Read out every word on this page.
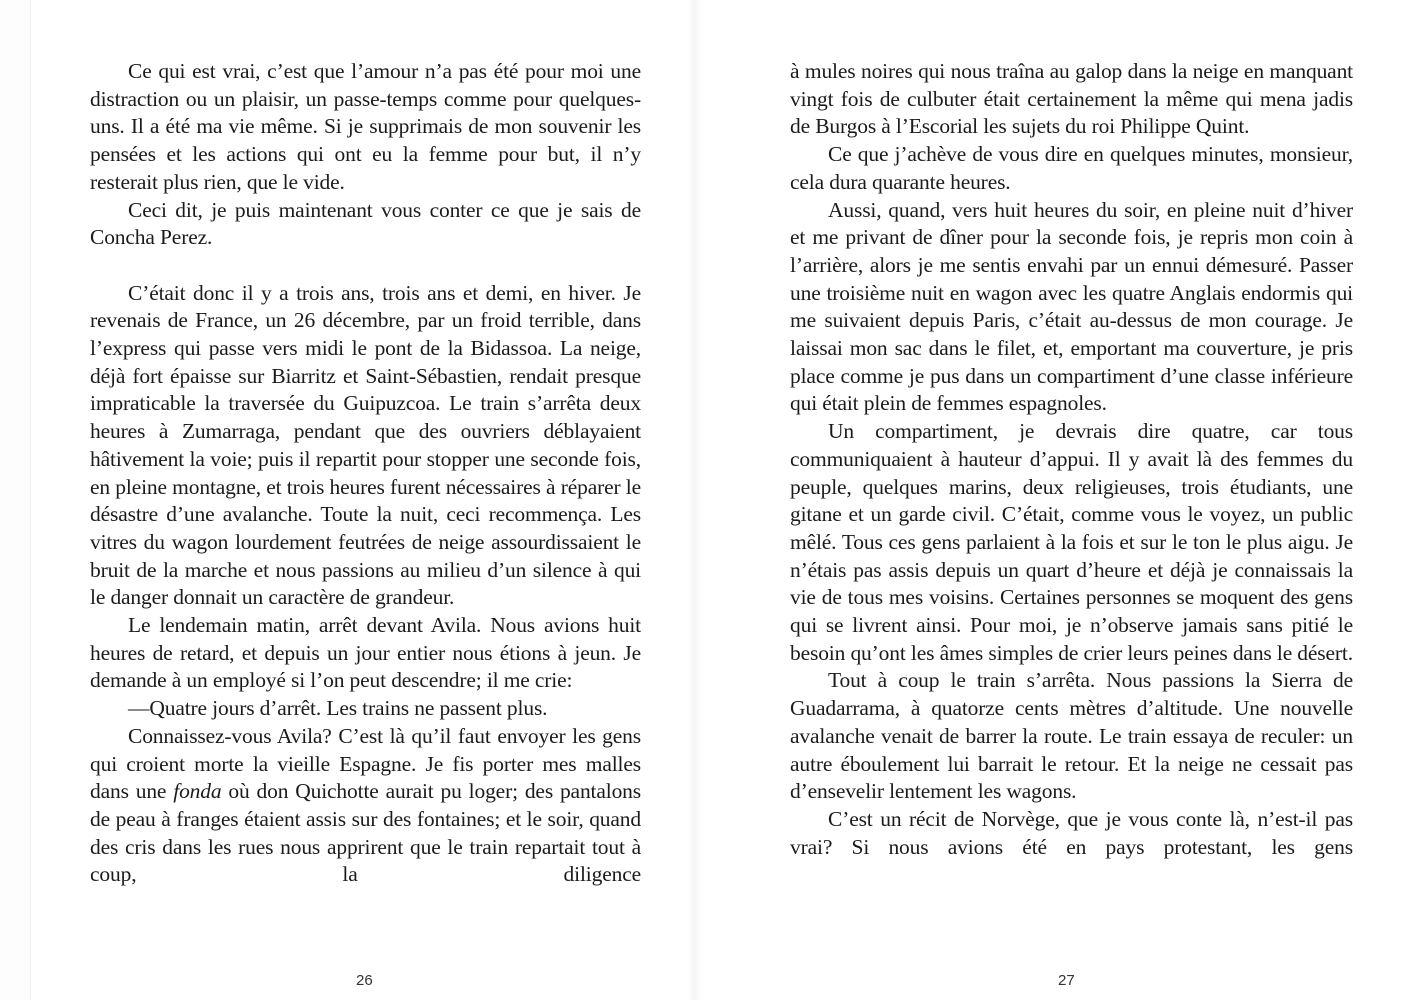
Ce qui est vrai, c’est que l’amour n’a pas été pour moi une distraction ou un plaisir, un passe-temps comme pour quelques-uns. Il a été ma vie même. Si je supprimais de mon souvenir les pensées et les actions qui ont eu la femme pour but, il n’y resterait plus rien, que le vide.

Ceci dit, je puis maintenant vous conter ce que je sais de Concha Perez.

C’était donc il y a trois ans, trois ans et demi, en hiver. Je revenais de France, un 26 décembre, par un froid terrible, dans l’express qui passe vers midi le pont de la Bidassoa. La neige, déjà fort épaisse sur Biarritz et Saint-Sébastien, rendait presque impraticable la traversée du Guipuzcoa. Le train s’arrêta deux heures à Zumarraga, pendant que des ouvriers déblayaient hâtivement la voie; puis il repartit pour stopper une seconde fois, en pleine montagne, et trois heures furent nécessaires à réparer le désastre d’une avalanche. Toute la nuit, ceci recommença. Les vitres du wagon lourdement feutrées de neige assourdissaient le bruit de la marche et nous passions au milieu d’un silence à qui le danger donnait un caractère de grandeur.

Le lendemain matin, arrêt devant Avila. Nous avions huit heures de retard, et depuis un jour entier nous étions à jeun. Je demande à un employé si l’on peut descendre; il me crie:

—Quatre jours d’arrêt. Les trains ne passent plus.

Connaissez-vous Avila? C’est là qu’il faut envoyer les gens qui croient morte la vieille Espagne. Je fis porter mes malles dans une fonda où don Quichotte aurait pu loger; des pantalons de peau à franges étaient assis sur des fontaines; et le soir, quand des cris dans les rues nous apprirent que le train repartait tout à coup, la diligence

26

à mules noires qui nous traîna au galop dans la neige en manquant vingt fois de culbuter était certainement la même qui mena jadis de Burgos à l’Escorial les sujets du roi Philippe Quint.

Ce que j’achève de vous dire en quelques minutes, monsieur, cela dura quarante heures.

Aussi, quand, vers huit heures du soir, en pleine nuit d’hiver et me privant de dîner pour la seconde fois, je repris mon coin à l’arrière, alors je me sentis envahi par un ennui démesuré. Passer une troisième nuit en wagon avec les quatre Anglais endormis qui me suivaient depuis Paris, c’était au-dessus de mon courage. Je laissai mon sac dans le filet, et, emportant ma couverture, je pris place comme je pus dans un compartiment d’une classe inférieure qui était plein de femmes espagnoles.

Un compartiment, je devrais dire quatre, car tous communiquaient à hauteur d’appui. Il y avait là des femmes du peuple, quelques marins, deux religieuses, trois étudiants, une gitane et un garde civil. C’était, comme vous le voyez, un public mêlé. Tous ces gens parlaient à la fois et sur le ton le plus aigu. Je n’étais pas assis depuis un quart d’heure et déjà je connaissais la vie de tous mes voisins. Certaines personnes se moquent des gens qui se livrent ainsi. Pour moi, je n’observe jamais sans pitié le besoin qu’ont les âmes simples de crier leurs peines dans le désert.

Tout à coup le train s’arrêta. Nous passions la Sierra de Guadarrama, à quatorze cents mètres d’altitude. Une nouvelle avalanche venait de barrer la route. Le train essaya de reculer: un autre éboulement lui barrait le retour. Et la neige ne cessait pas d’ensevelir lentement les wagons.

C’est un récit de Norvège, que je vous conte là, n’est-il pas vrai? Si nous avions été en pays protestant, les gens

27
